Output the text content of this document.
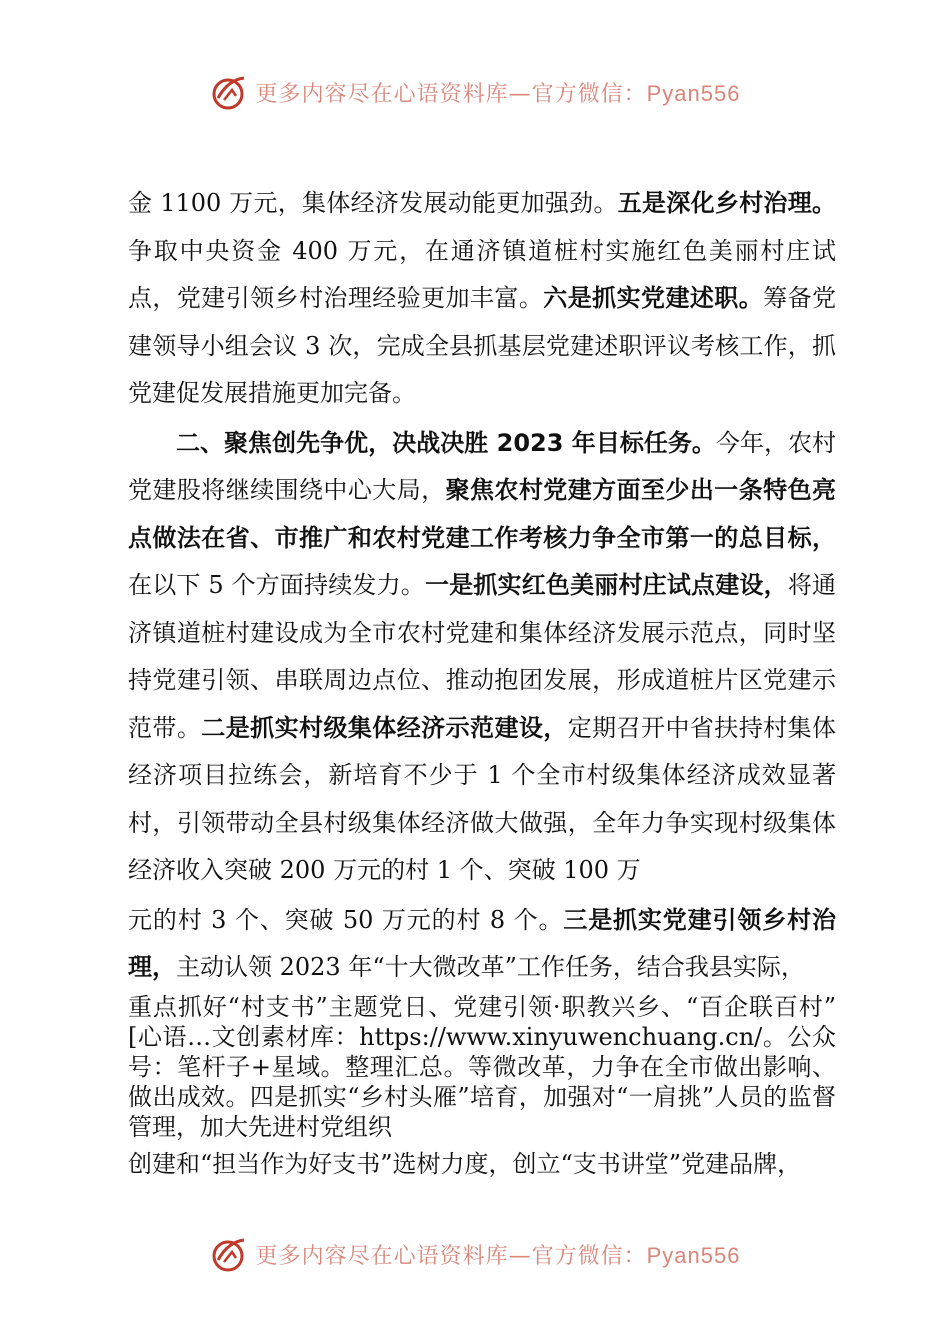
更多内容尽在心语资料库—官方微信：Pyan556

金 1100 万元，集体经济发展动能更加强劲。五是深化乡村治理。争取中央资金 400 万元，在通济镇道桩村实施红色美丽村庄试点，党建引领乡村治理经验更加丰富。六是抓实党建述职。筹备党建领导小组会议 3 次，完成全县抓基层党建述职评议考核工作，抓党建促发展措施更加完备。

二、聚焦创先争优，决战决胜 2023 年目标任务。今年，农村党建股将继续围绕中心大局，聚焦农村党建方面至少出一条特色亮点做法在省、市推广和农村党建工作考核力争全市第一的总目标，在以下 5 个方面持续发力。一是抓实红色美丽村庄试点建设，将通济镇道桩村建设成为全市农村党建和集体经济发展示范点，同时坚持党建引领、串联周边点位、推动抱团发展，形成道桩片区党建示范带。二是抓实村级集体经济示范建设，定期召开中省扶持村集体经济项目拉练会，新培育不少于 1 个全市村级集体经济成效显著村，引领带动全县村级集体经济做大做强，全年力争实现村级集体经济收入突破 200 万元的村 1 个、突破 100 万

元的村 3 个、突破 50 万元的村 8 个。三是抓实党建引领乡村治理，主动认领 2023 年“十大微改革”工作任务，结合我县实际，

重点抓好“村支书”主题党日、党建引领·职教兴乡、“百企联百村” [心语…文创素材库：https://www.xinyuwenchuang.cn/。公众号：笔杆子+星域。整理汇总。等微改革，力争在全市做出影响、做出成效。四是抓实“乡村头雁”培育，加强对“一肩挑”人员的监督管理，加大先进村党组织

创建和“担当作为好支书”选树力度，创立“支书讲堂”党建品牌，

更多内容尽在心语资料库—官方微信：Pyan556
